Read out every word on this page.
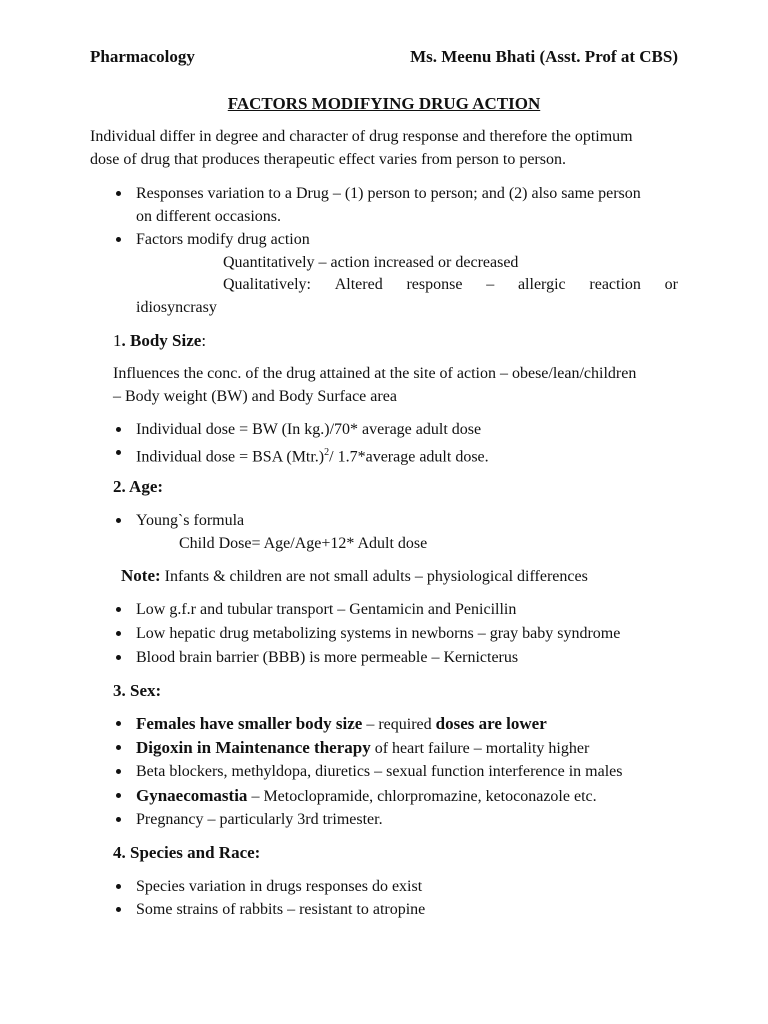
Pharmacology	Ms. Meenu Bhati (Asst. Prof at CBS)
FACTORS MODIFYING DRUG ACTION
Individual differ in degree and character of drug response and therefore the optimum
dose of drug that produces therapeutic effect varies from person to person.
Responses variation to a Drug – (1) person to person; and (2) also same person
on different occasions.
Factors modify drug action
Quantitatively – action increased or decreased
Qualitatively: Altered response – allergic reaction or
idiosyncrasy
1. Body Size:
Influences the conc. of the drug attained at the site of action – obese/lean/children
– Body weight (BW) and Body Surface area
Individual dose = BW (In kg.)/70* average adult dose
Individual dose = BSA $(Mtr.)^2/$ 1.7*average adult dose.
2. Age:
Young`s formula
Child Dose= Age/Age+12* Adult dose
Note: Infants & children are not small adults – physiological differences
Low g.f.r and tubular transport – Gentamicin and Penicillin
Low hepatic drug metabolizing systems in newborns – gray baby syndrome
Blood brain barrier (BBB) is more permeable – Kernicterus
3. Sex:
Females have smaller body size – required doses are lower
Digoxin in Maintenance therapy of heart failure – mortality higher
Beta blockers, methyldopa, diuretics – sexual function interference in males
Gynaecomastia – Metoclopramide, chlorpromazine, ketoconazole etc.
Pregnancy – particularly 3rd trimester.
4. Species and Race:
Species variation in drugs responses do exist
Some strains of rabbits – resistant to atropine
